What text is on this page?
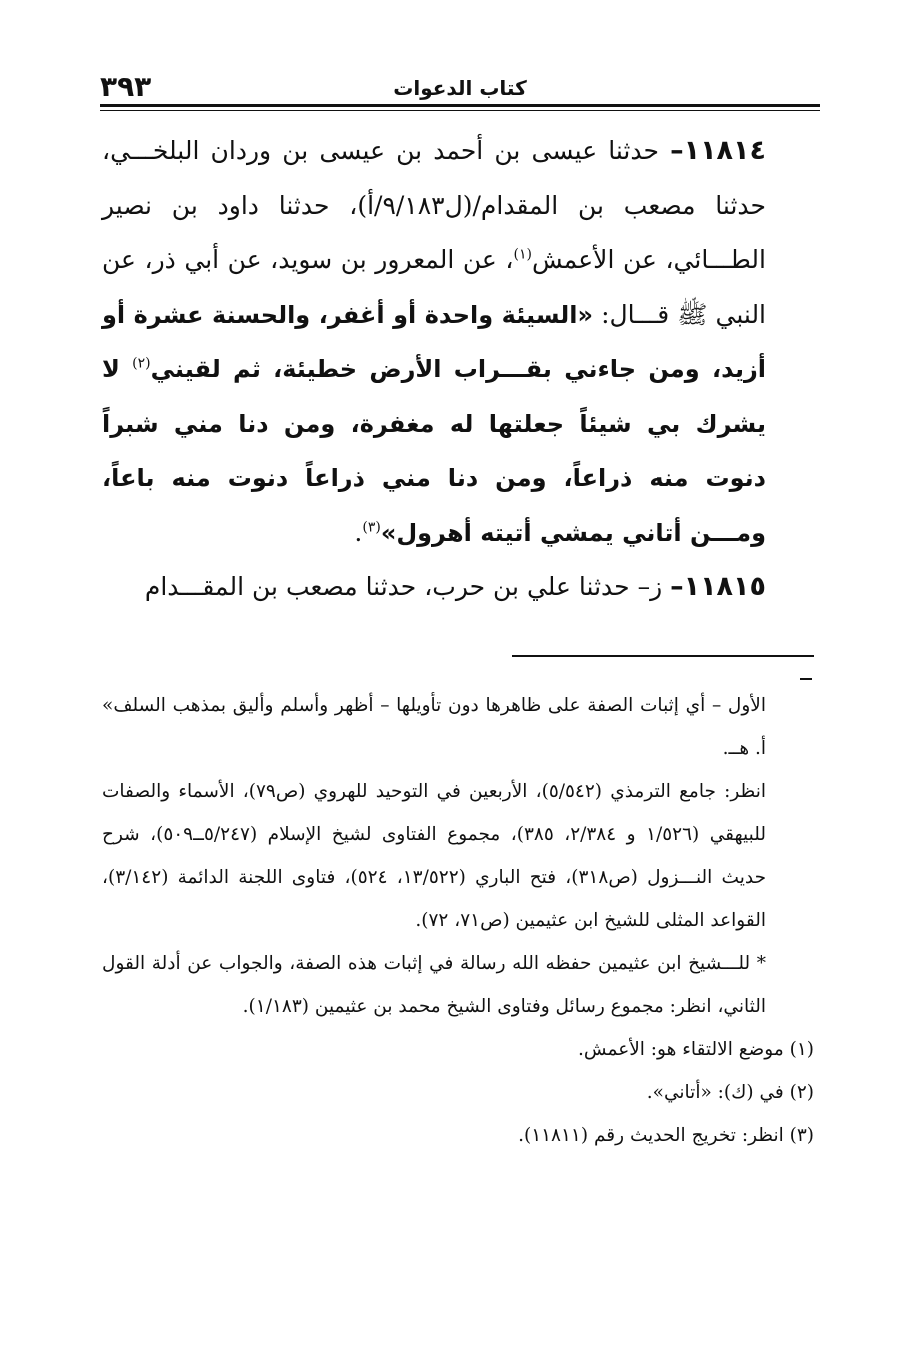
٣٩٣	كتاب الدعوات

١١٨١٤– حدثنا عيسى بن أحمد بن عيسى بن وردان البلخـــي، حدثنا مصعب بن المقدام/(ل٩/١٨٣/أ)، حدثنا داود بن نصير الطـــائي، عن الأعمش$^{(١)}$، عن المعرور بن سويد، عن أبي ذر، عن النبي ﷺ قـــال: «السيئة واحدة أو أغفر، والحسنة عشرة أو أزيد، ومن جاءني بقـــراب الأرض خطيئة، ثم لقيني$^{(٢)}$ لا يشرك بي شيئاً جعلتها له مغفرة، ومن دنا مني شبراً دنوت منه ذراعاً، ومن دنا مني ذراعاً دنوت منه باعاً، ومـــن أتاني يمشي أتيته أهرول»$^{(٣)}$.

١١٨١٥– ز– حدثنا علي بن حرب، حدثنا مصعب بن المقـــدام

الأول – أي إثبات الصفة على ظاهرها دون تأويلها – أظهر وأسلم وأليق بمذهب السلف» أ. هــ.

انظر: جامع الترمذي (٥/٥٤٢)، الأربعين في التوحيد للهروي (ص٧٩)، الأسماء والصفات للبيهقي (١/٥٢٦ و ٢/٣٨٤، ٣٨٥)، مجموع الفتاوى لشيخ الإسلام (٥/٢٤٧ــ٥٠٩)، شرح حديث النـــزول (ص٣١٨)، فتح الباري (١٣/٥٢٢، ٥٢٤)، فتاوى اللجنة الدائمة (٣/١٤٢)، القواعد المثلى للشيخ ابن عثيمين (ص٧١، ٧٢).

* للـــشيخ ابن عثيمين حفظه الله رسالة في إثبات هذه الصفة، والجواب عن أدلة القول الثاني، انظر: مجموع رسائل وفتاوى الشيخ محمد بن عثيمين (١/١٨٣).

(١) موضع الالتقاء هو: الأعمش.

(٢) في (ك): «أتاني».

(٣) انظر: تخريج الحديث رقم (١١٨١١).
